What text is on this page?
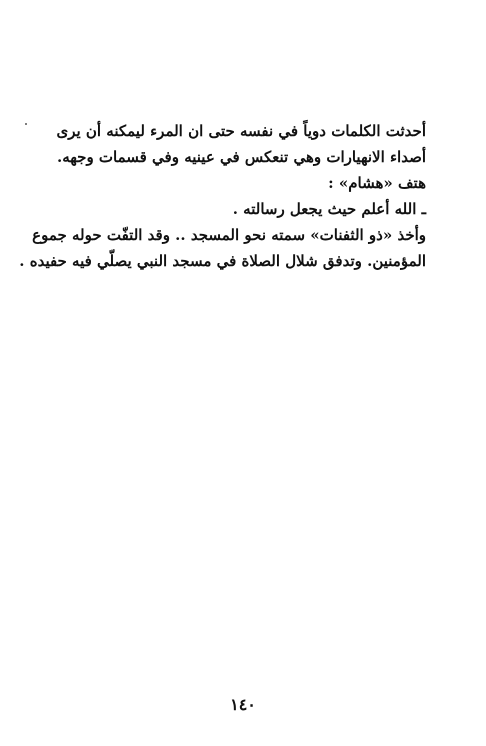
أحدثت الكلمات دوياً في نفسه حتى ان المرء ليمكنه أن يرى
أصداء الانهيارات وهي تنعكس في عينيه وفي قسمات وجهه.
هتف «هشام» :
ـ الله أعلم حيث يجعل رسالته .
وأخذ «ذو الثفنات» سمته نحو المسجد .. وقد التفّت حوله جموع
المؤمنين. وتدفق شلال الصلاة في مسجد النبي يصلّي فيه حفيده .
١٤٠
